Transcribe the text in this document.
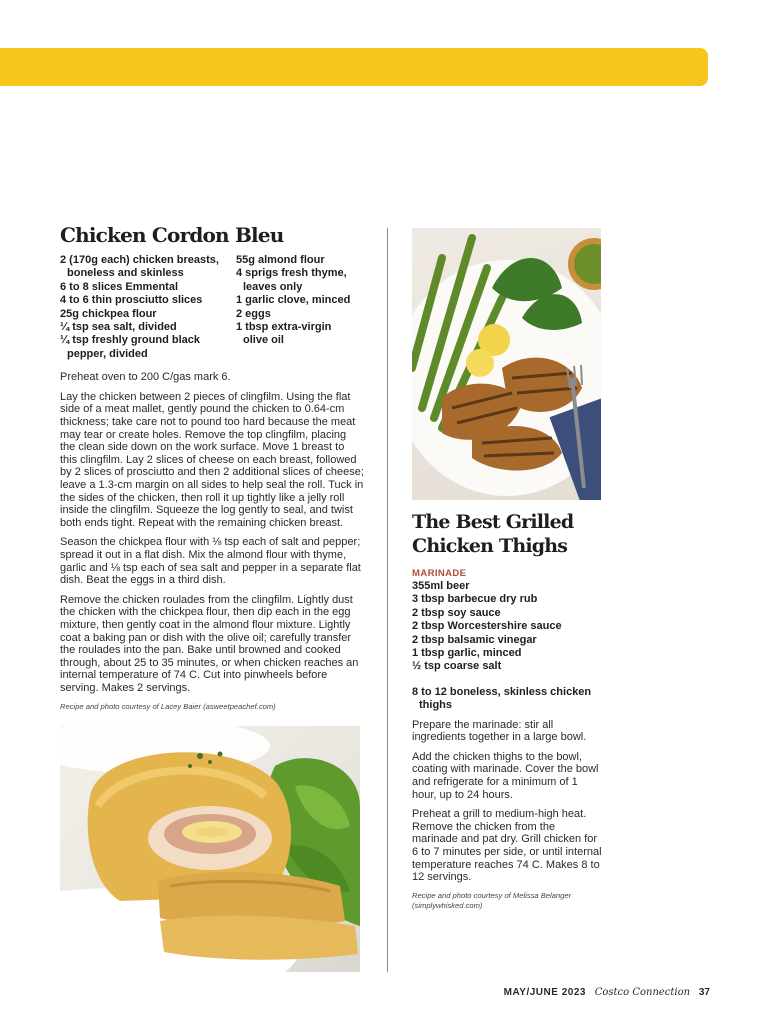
Chicken Cordon Bleu
2 (170g each) chicken breasts, boneless and skinless
6 to 8 slices Emmental
4 to 6 thin prosciutto slices
25g chickpea flour
¼ tsp sea salt, divided
¼ tsp freshly ground black pepper, divided
55g almond flour
4 sprigs fresh thyme, leaves only
1 garlic clove, minced
2 eggs
1 tbsp extra-virgin olive oil

Preheat oven to 200 C/gas mark 6.

Lay the chicken between 2 pieces of clingfilm. Using the flat side of a meat mallet, gently pound the chicken to 0.64-cm thickness; take care not to pound too hard because the meat may tear or create holes. Remove the top clingfilm, placing the clean side down on the work surface. Move 1 breast to this clingfilm. Lay 2 slices of cheese on each breast, followed by 2 slices of prosciutto and then 2 additional slices of cheese; leave a 1.3-cm margin on all sides to help seal the roll. Tuck in the sides of the chicken, then roll it up tightly like a jelly roll inside the clingfilm. Squeeze the log gently to seal, and twist both ends tight. Repeat with the remaining chicken breast.

Season the chickpea flour with ⅛ tsp each of salt and pepper; spread it out in a flat dish. Mix the almond flour with thyme, garlic and ⅛ tsp each of sea salt and pepper in a separate flat dish. Beat the eggs in a third dish.

Remove the chicken roulades from the clingfilm. Lightly dust the chicken with the chickpea flour, then dip each in the egg mixture, then gently coat in the almond flour mixture. Lightly coat a baking pan or dish with the olive oil; carefully transfer the roulades into the pan. Bake until browned and cooked through, about 25 to 35 minutes, or when chicken reaches an internal temperature of 74 C. Cut into pinwheels before serving. Makes 2 servings.

Recipe and photo courtesy of Lacey Baier (asweetpeachef.com)
The Best Grilled
Chicken Thighs
MARINADE
355ml beer
3 tbsp barbecue dry rub
2 tbsp soy sauce
2 tbsp Worcestershire sauce
2 tbsp balsamic vinegar
1 tbsp garlic, minced
½ tsp coarse salt
8 to 12 boneless, skinless chicken thighs

Prepare the marinade: stir all ingredients together in a large bowl.

Add the chicken thighs to the bowl, coating with marinade. Cover the bowl and refrigerate for a minimum of 1 hour, up to 24 hours.

Preheat a grill to medium-high heat. Remove the chicken from the marinade and pat dry. Grill chicken for 6 to 7 minutes per side, or until internal temperature reaches 74 C. Makes 8 to 12 servings.

Recipe and photo courtesy of Melissa Belanger (simplywhisked.com)
MAY/JUNE 2023 Costco Connection 37
